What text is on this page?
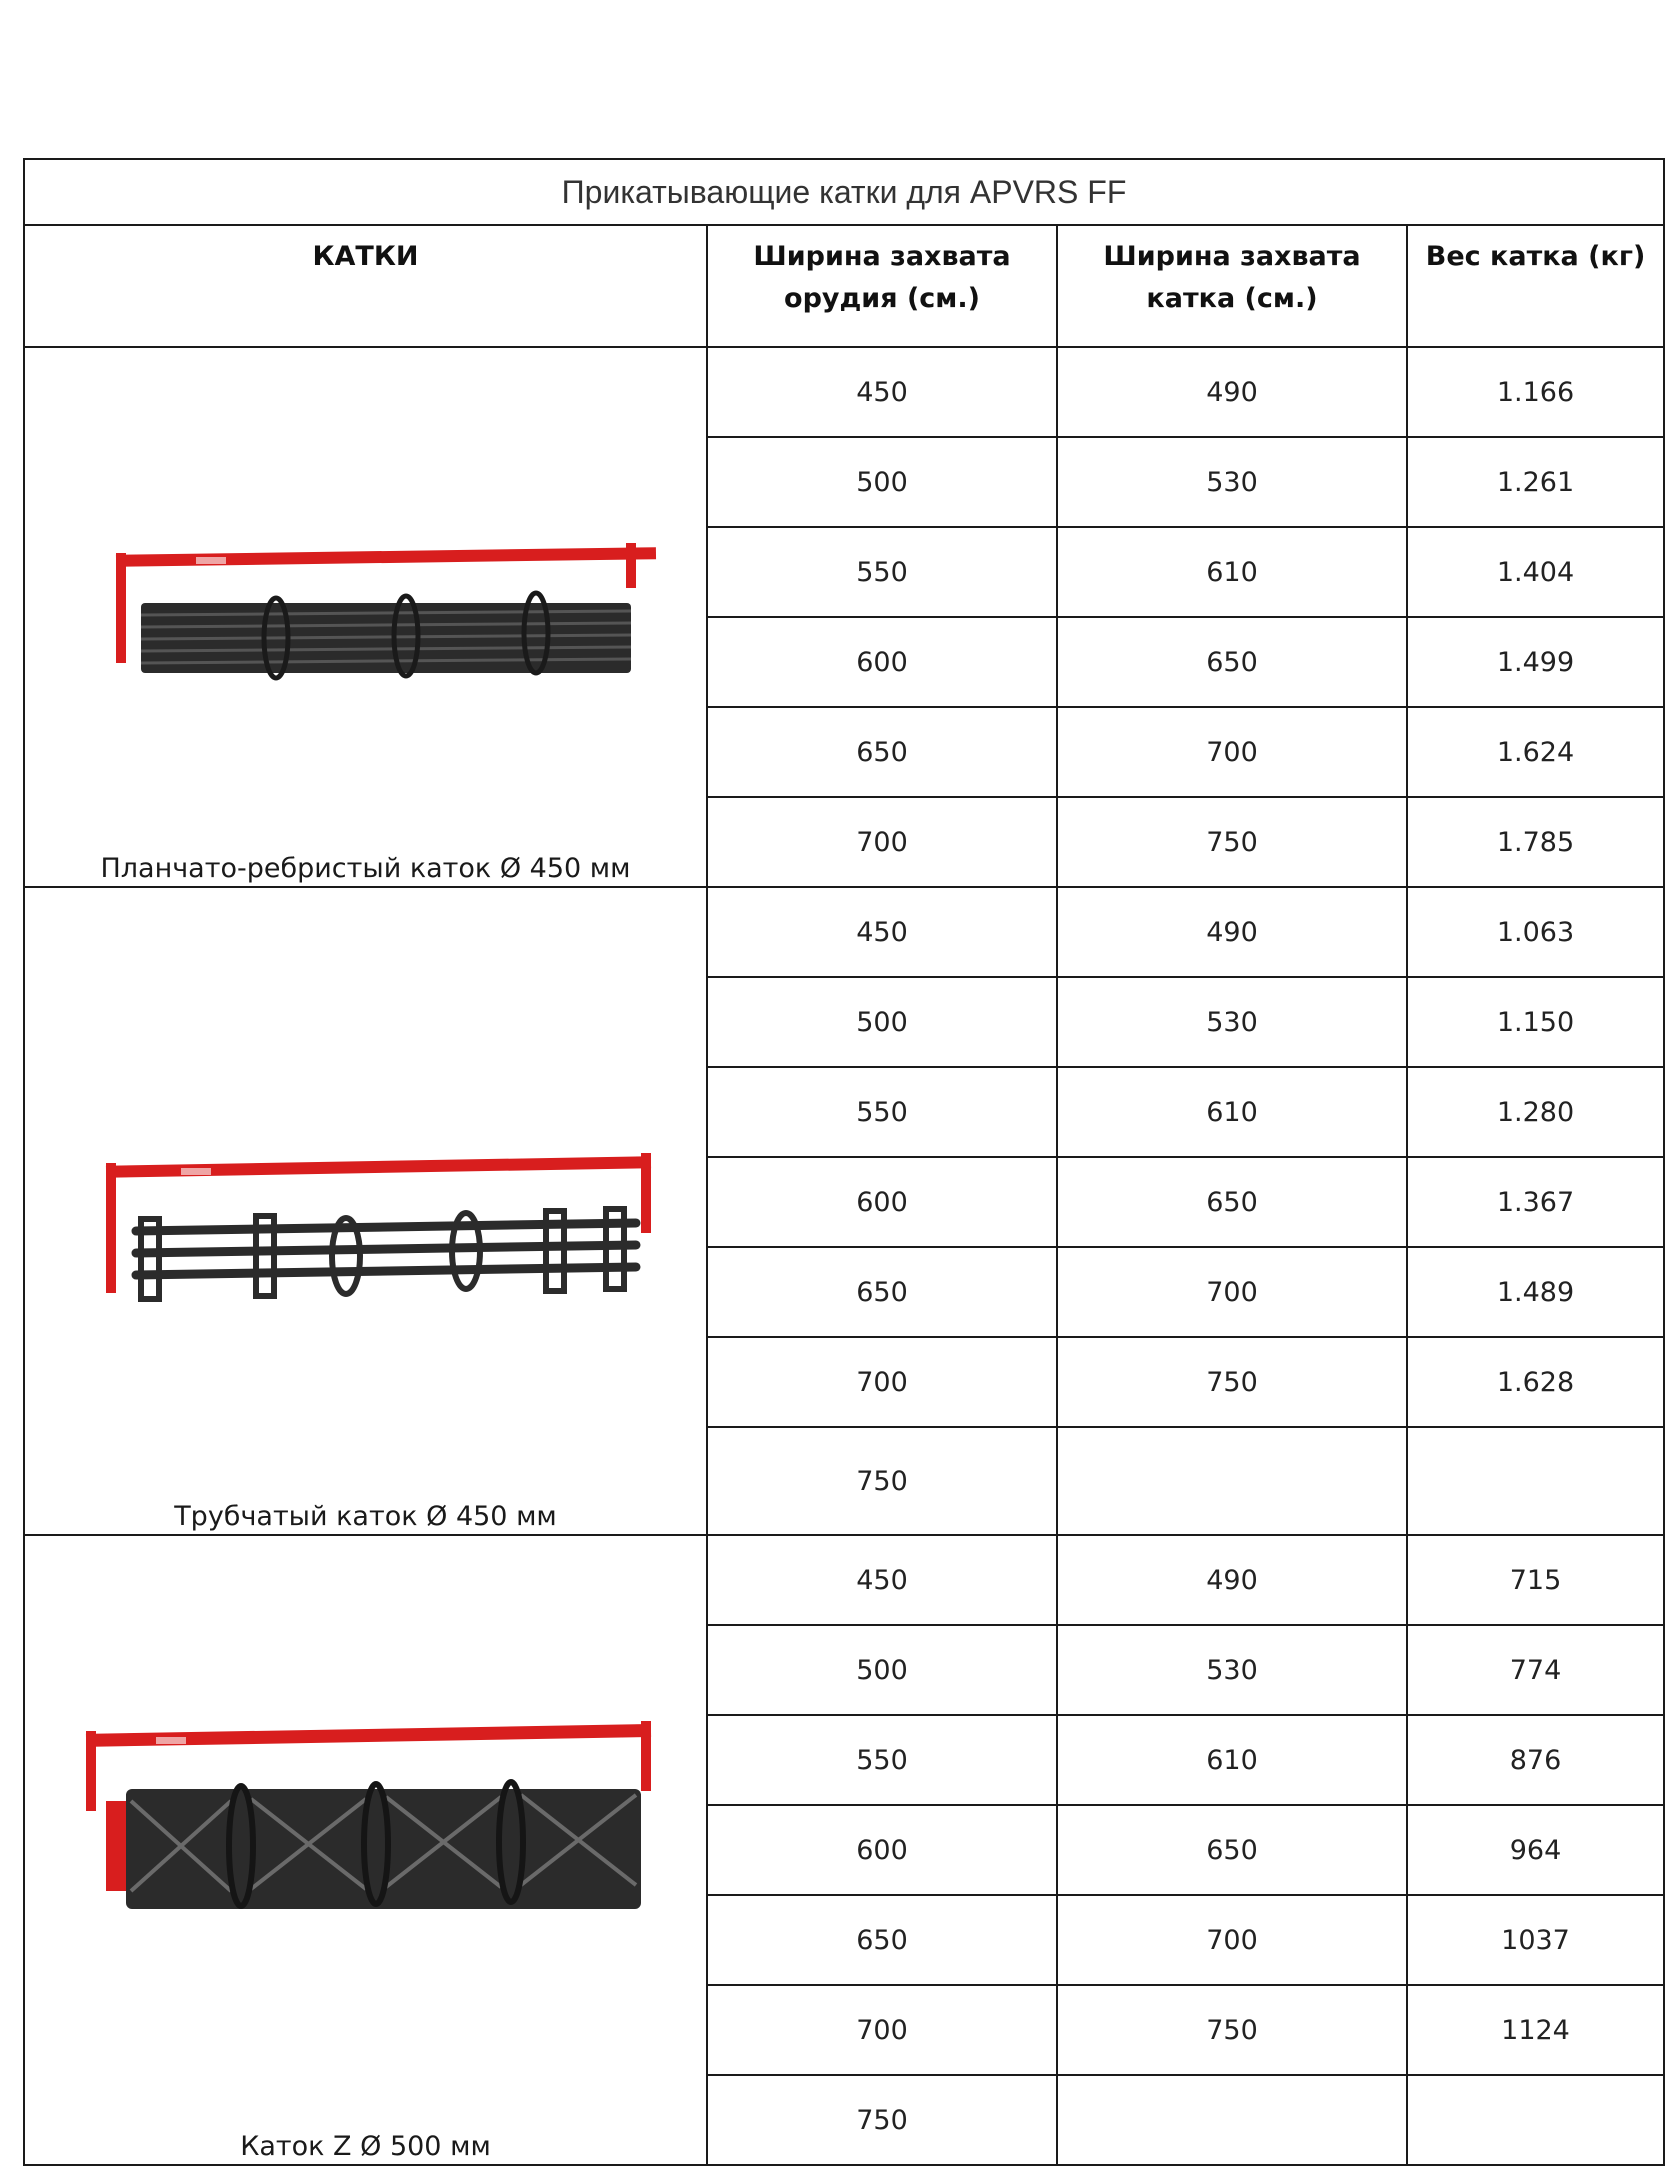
Прикатывающие катки для APVRS FF			
КАТКИ	Ширина захвата орудия (см.)	Ширина захвата катка (см.)	Вес катка (кг)

Планчато-ребристый каток Ø 450 мм	450	490	1.166
	500	530	1.261
	550	610	1.404
	600	650	1.499
	650	700	1.624
	700	750	1.785

Трубчатый каток Ø 450 мм	450	490	1.063
	500	530	1.150
	550	610	1.280
	600	650	1.367
	650	700	1.489
	700	750	1.628
	750		

Каток Z Ø 500 мм	450	490	715
	500	530	774
	550	610	876
	600	650	964
	650	700	1037
	700	750	1124
	750		
